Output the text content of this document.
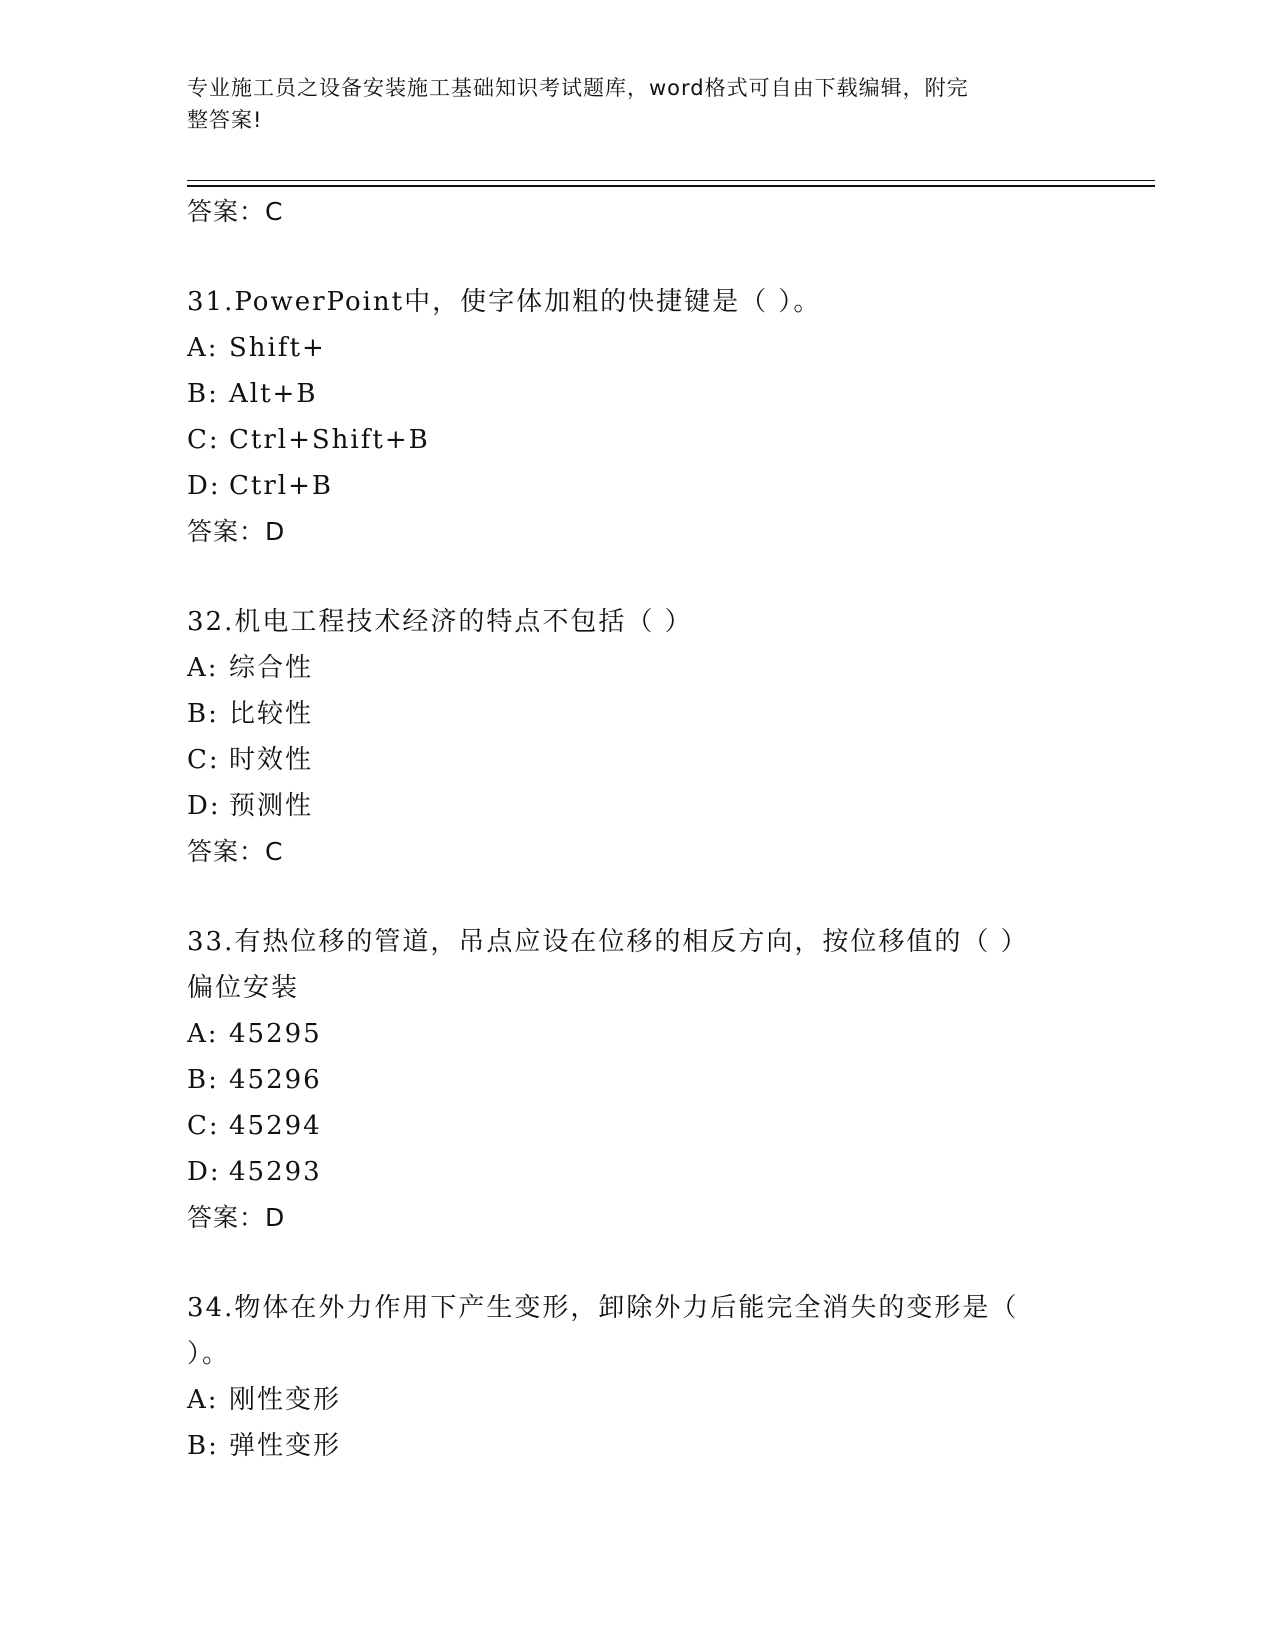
专业施工员之设备安装施工基础知识考试题库，word格式可自由下载编辑，附完
整答案!
答案：C
31.PowerPoint中，使字体加粗的快捷键是（ ）。
A: Shift+
B: Alt+B
C: Ctrl+Shift+B
D: Ctrl+B
答案：D
32.机电工程技术经济的特点不包括（ ）
A: 综合性
B: 比较性
C: 时效性
D: 预测性
答案：C
33.有热位移的管道，吊点应设在位移的相反方向，按位移值的（ ）
偏位安装
A: 45295
B: 45296
C: 45294
D: 45293
答案：D
34.物体在外力作用下产生变形，卸除外力后能完全消失的变形是（
）。
A: 刚性变形
B: 弹性变形
